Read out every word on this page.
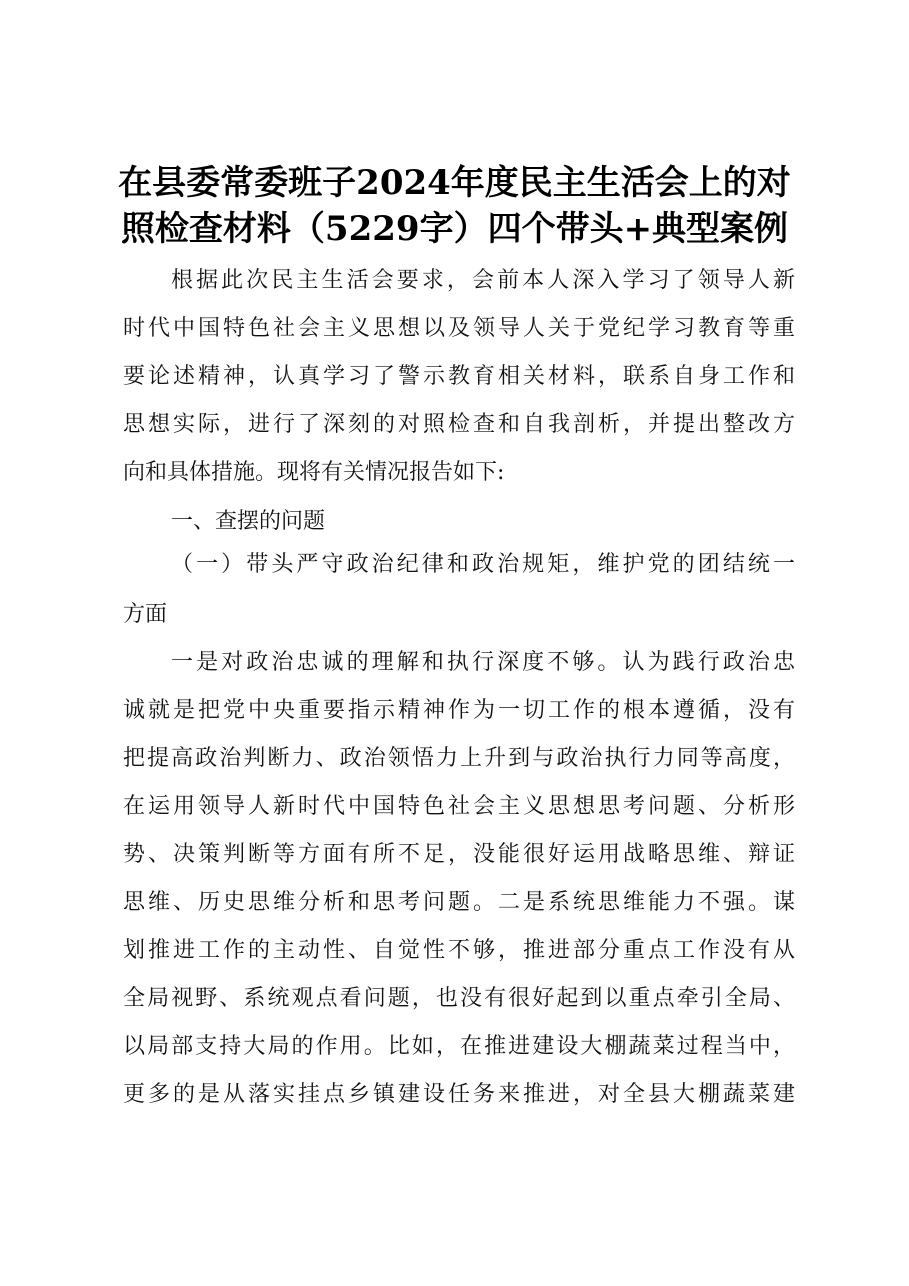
在县委常委班子2024年度民主生活会上的对
照检查材料（5229字）四个带头+典型案例
根据此次民主生活会要求，会前本人深入学习了领导人新
时代中国特色社会主义思想以及领导人关于党纪学习教育等重
要论述精神，认真学习了警示教育相关材料，联系自身工作和
思想实际，进行了深刻的对照检查和自我剖析，并提出整改方
向和具体措施。现将有关情况报告如下:
一、查摆的问题
（一）带头严守政治纪律和政治规矩，维护党的团结统一
方面
一是对政治忠诚的理解和执行深度不够。认为践行政治忠
诚就是把党中央重要指示精神作为一切工作的根本遵循，没有
把提高政治判断力、政治领悟力上升到与政治执行力同等高度，
在运用领导人新时代中国特色社会主义思想思考问题、分析形
势、决策判断等方面有所不足，没能很好运用战略思维、辩证
思维、历史思维分析和思考问题。二是系统思维能力不强。谋
划推进工作的主动性、自觉性不够，推进部分重点工作没有从
全局视野、系统观点看问题，也没有很好起到以重点牵引全局、
以局部支持大局的作用。比如，在推进建设大棚蔬菜过程当中，
更多的是从落实挂点乡镇建设任务来推进，对全县大棚蔬菜建
